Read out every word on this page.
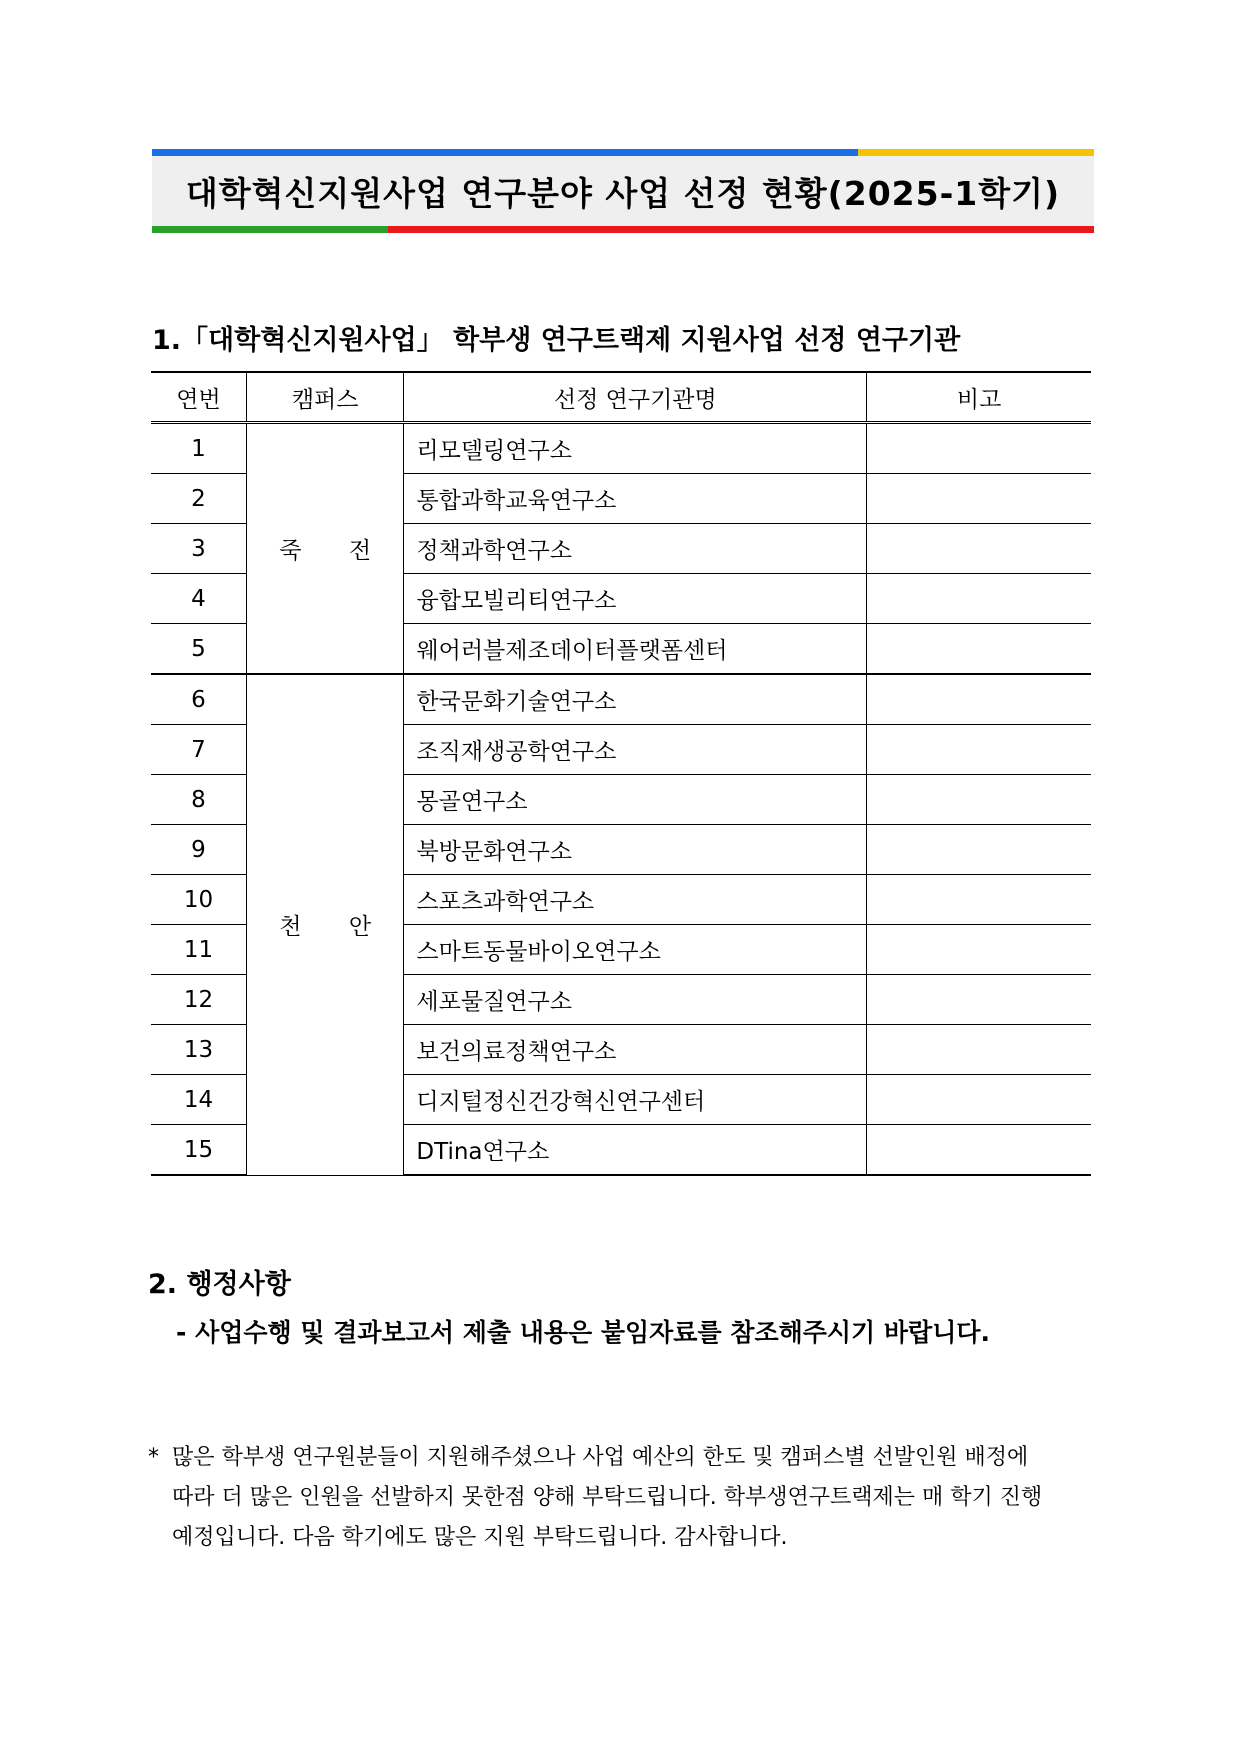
대학혁신지원사업 연구분야 사업 선정 현황(2025-1학기)
1.「대학혁신지원사업」 학부생 연구트랙제 지원사업 선정 연구기관
연번	캠퍼스	선정 연구기관명	비고
1	죽 전	리모델링연구소	
2		통합과학교육연구소	
3		정책과학연구소	
4		융합모빌리티연구소	
5		웨어러블제조데이터플랫폼센터	
6	천 안	한국문화기술연구소	
7		조직재생공학연구소	
8		몽골연구소	
9		북방문화연구소	
10		스포츠과학연구소	
11		스마트동물바이오연구소	
12		세포물질연구소	
13		보건의료정책연구소	
14		디지털정신건강혁신연구센터	
15		DTina연구소	
2. 행정사항
- 사업수행 및 결과보고서 제출 내용은 붙임자료를 참조해주시기 바랍니다.
* 많은 학부생 연구원분들이 지원해주셨으나 사업 예산의 한도 및 캠퍼스별 선발인원 배정에
따라 더 많은 인원을 선발하지 못한점 양해 부탁드립니다. 학부생연구트랙제는 매 학기 진행
예정입니다. 다음 학기에도 많은 지원 부탁드립니다. 감사합니다.
